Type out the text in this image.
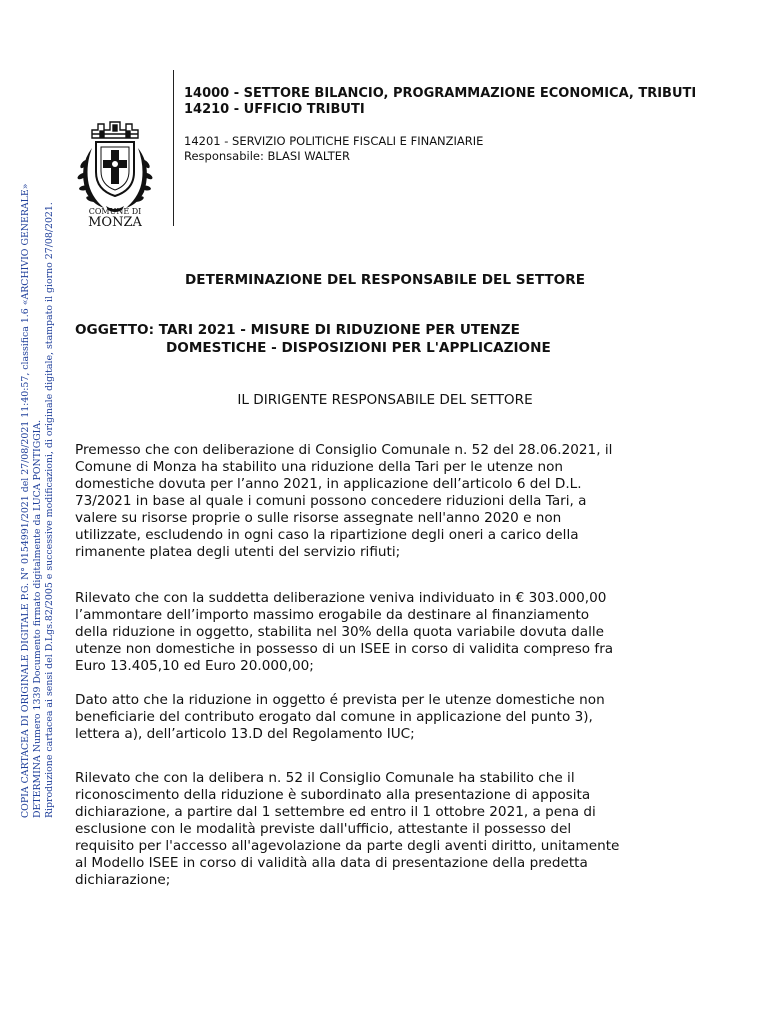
COPIA CARTACEA DI ORIGINALE DIGITALE P.G. N° 0154991/2021 del 27/08/2021 11:40:57, classifica 1.6 «ARCHIVIO GENERALE» DETERMINA Numero 1339 Documento firmato digitalmente da LUCA PONTIGGIA. Riproduzione cartacea ai sensi del D.Lgs.82/2005 e successive modificazioni, di originale digitale, stampato il giorno 27/08/2021.	COMUNE DI
MONZA

14000 - SETTORE BILANCIO, PROGRAMMAZIONE ECONOMICA, TRIBUTI

14210 - UFFICIO TRIBUTI

14201 - SERVIZIO POLITICHE FISCALI E FINANZIARIE

Responsabile: BLASI WALTER

DETERMINAZIONE DEL RESPONSABILE DEL SETTORE
OGGETTO: TARI 2021 - MISURE DI RIDUZIONE PER UTENZE
DOMESTICHE - DISPOSIZIONI PER L'APPLICAZIONE
IL DIRIGENTE RESPONSABILE DEL SETTORE
Premesso che con deliberazione di Consiglio Comunale n. 52 del 28.06.2021, il
Comune di Monza ha stabilito una riduzione della Tari per le utenze non
domestiche dovuta per l’anno 2021, in applicazione dell’articolo 6 del D.L.
73/2021 in base al quale i comuni possono concedere riduzioni della Tari, a
valere su risorse proprie o sulle risorse assegnate nell'anno 2020 e non
utilizzate, escludendo in ogni caso la ripartizione degli oneri a carico della
rimanente platea degli utenti del servizio rifiuti;
Rilevato che con la suddetta deliberazione veniva individuato in € 303.000,00
l’ammontare dell’importo massimo erogabile da destinare al finanziamento
della riduzione in oggetto, stabilita nel 30% della quota variabile dovuta dalle
utenze non domestiche in possesso di un ISEE in corso di validita compreso fra
Euro 13.405,10 ed Euro 20.000,00;
Dato atto che la riduzione in oggetto é prevista per le utenze domestiche non
beneficiarie del contributo erogato dal comune in applicazione del punto 3),
lettera a), dell’articolo 13.D del Regolamento IUC;
Rilevato che con la delibera n. 52 il Consiglio Comunale ha stabilito che il
riconoscimento della riduzione è subordinato alla presentazione di apposita
dichiarazione, a partire dal 1 settembre ed entro il 1 ottobre 2021, a pena di
esclusione con le modalità previste dall'ufficio, attestante il possesso del
requisito per l'accesso all'agevolazione da parte degli aventi diritto, unitamente
al Modello ISEE in corso di validità alla data di presentazione della predetta
dichiarazione;
